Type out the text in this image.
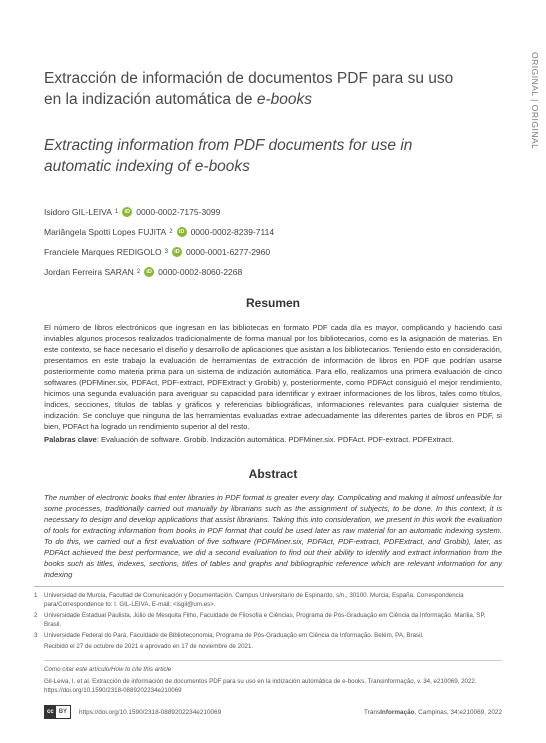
ORIGINAL | ORIGINAL
Extracción de información de documentos PDF para su uso en la indización automática de e-books
Extracting information from PDF documents for use in automatic indexing of e-books
Isidoro GIL-LEIVA 1	iD 0000-0002-7175-3099
Mariângela Spotti Lopes FUJITA 2	iD 0000-0002-8239-7114
Franciele Marques REDIGOLO 3	iD 0000-0001-6277-2960
Jordan Ferreira SARAN 2	iD 0000-0002-8060-2268
Resumen
El número de libros electrónicos que ingresan en las bibliotecas en formato PDF cada día es mayor, complicando y haciendo casi inviables algunos procesos realizados tradicionalmente de forma manual por los bibliotecarios, como es la asignación de materias. En este contexto, se hace necesario el diseño y desarrollo de aplicaciones que asistan a los bibliotecarios. Teniendo esto en consideración, presentamos en este trabajo la evaluación de herramientas de extracción de información de libros en PDF que podrían usarse posteriormente como materia prima para un sistema de indización automática. Para ello, realizamos una primera evaluación de cinco softwares (PDFMiner.six, PDFAct, PDF-extract, PDFExtract y Grobib) y, posteriormente, como PDFAct consiguió el mejor rendimiento, hicimos una segunda evaluación para averiguar su capacidad para identificar y extraer informaciones de los libros, tales como títulos, índices, secciones, títulos de tablas y gráficos y referencias bibliográficas, informaciones relevantes para cualquier sistema de indización. Se concluye que ninguna de las herramientas evaluadas extrae adecuadamente las diferentes partes de libros en PDF, si bien, PDFAct ha logrado un rendimiento superior al del resto.
Palabras clave: Evaluación de software. Grobib. Indización automática. PDFMiner.six. PDFAct. PDF-extract. PDFExtract.
Abstract
The number of electronic books that enter libraries in PDF format is greater every day. Complicating and making it almost unfeasible for some processes, traditionally carried out manually by librarians such as the assignment of subjects, to be done. In this context, it is necessary to design and develop applications that assist librarians. Taking this into consideration, we present in this work the evaluation of tools for extracting information from books in PDF format that could be used later as raw material for an automatic indexing system. To do this, we carried out a first evaluation of five software (PDFMiner.six, PDFAct, PDF-extract, PDFExtract, and Grobib), later, as PDFAct achieved the best performance, we did a second evaluation to find out their ability to identify and extract information from the books such as titles, indexes, sections, titles of tables and graphs and bibliographic reference which are relevant information for any indexing
1	Universidad de Murcia, Facultad de Comunicación y Documentación. Campus Universitario de Espinardo, s/n., 30100. Murcia, España. Correspondencia para/Correspondence to: I. GIL-LEIVA. E-mail: <isgil@um.es>.
2	Universidade Estadual Paulista, Júlio de Mesquita Filho, Faculdade de Filosofia e Ciências, Programa de Pós-Graduação em Ciência da Informação. Marília, SP, Brasil.
3	Universidade Federal do Pará, Faculdade de Biblioteconomia, Programa de Pós-Graduação em Ciência da Informação. Belém, PA, Brasil.
Recibido el 27 de octubre de 2021 e aprovado en 17 de noviembre de 2021.
Como citar este artículo/How to cite this article
Gil-Leiva, I. et al. Extracción de información de documentos PDF para su uso en la indización automática de e-books. Transinformação, v. 34, e210069, 2022. https://doi.org/10.1590/2318-0889202234e210069
cc BY	https://doi.org/10.1590/2318-0889202234e210069	TransInformação, Campinas, 34:e210069, 2022
